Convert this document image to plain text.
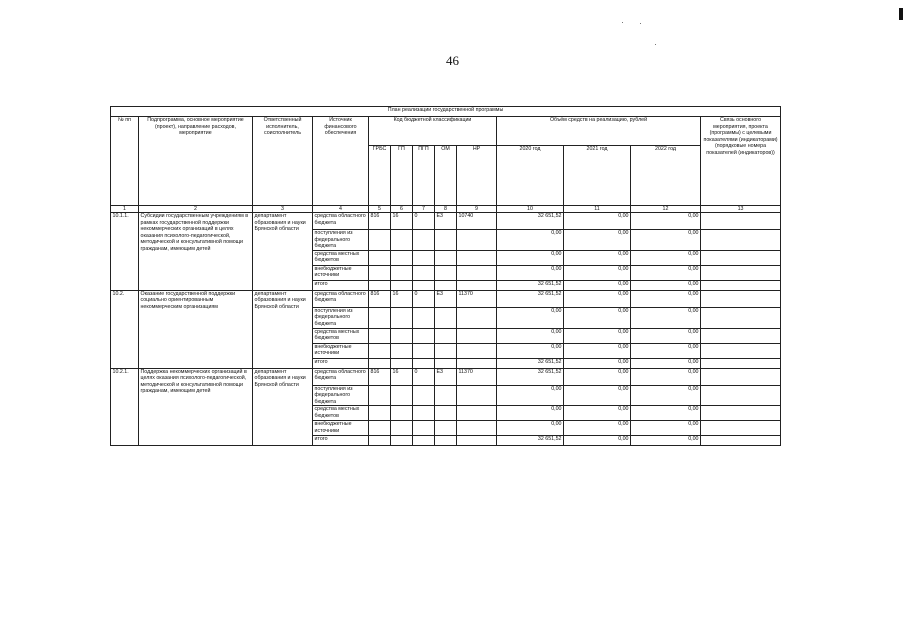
46
План реализации государственной программы												
№ пп	Подпрограмма, основное мероприятие (проект), направление расходов, мероприятие	Ответственный исполнитель, соисполнитель	Источник финансового обеспечения	Код бюджетной классификации					Объём средств на реализацию, рублей			Связь основного мероприятия, проекта (программы) с целевыми показателями (индикаторами) (порядковые номера показателей (индикаторов))
				ГРБС	ГП	ПГП	ОМ	НР	2020 год	2021 год	2022 год	
1	2	3	4	5	6	7	8	9	10	11	12	13
10.1.1.	Субсидии государственным учреждениям в рамках государственной поддержки некоммерческих организаций в целях оказания психолого-педагогической, методической и консультативной помощи гражданам, имеющим детей	департамент образования и науки Брянской области	средства областного бюджета	816	16	0	E3	10740	32 651,52	0,00	0,00	
			поступления из федерального бюджета						0,00	0,00	0,00	
			средства местных бюджетов						0,00	0,00	0,00	
			внебюджетные источники						0,00	0,00	0,00	
			итого						32 651,52	0,00	0,00	
10.2.	Оказание государственной поддержки социально ориентированным некоммерческим организациям	департамент образования и науки Брянской области	средства областного бюджета	816	16	0	E3	11370	32 651,52	0,00	0,00	
			поступления из федерального бюджета						0,00	0,00	0,00	
			средства местных бюджетов						0,00	0,00	0,00	
			внебюджетные источники						0,00	0,00	0,00	
			итого						32 651,52	0,00	0,00	
10.2.1.	Поддержка некоммерческих организаций в целях оказания психолого-педагогической, методической и консультативной помощи гражданам, имеющим детей	департамент образования и науки Брянской области	средства областного бюджета	816	16	0	E3	11370	32 651,52	0,00	0,00	
			поступления из федерального бюджета						0,00	0,00	0,00	
			средства местных бюджетов						0,00	0,00	0,00	
			внебюджетные источники						0,00	0,00	0,00	
			итого						32 651,52	0,00	0,00	
